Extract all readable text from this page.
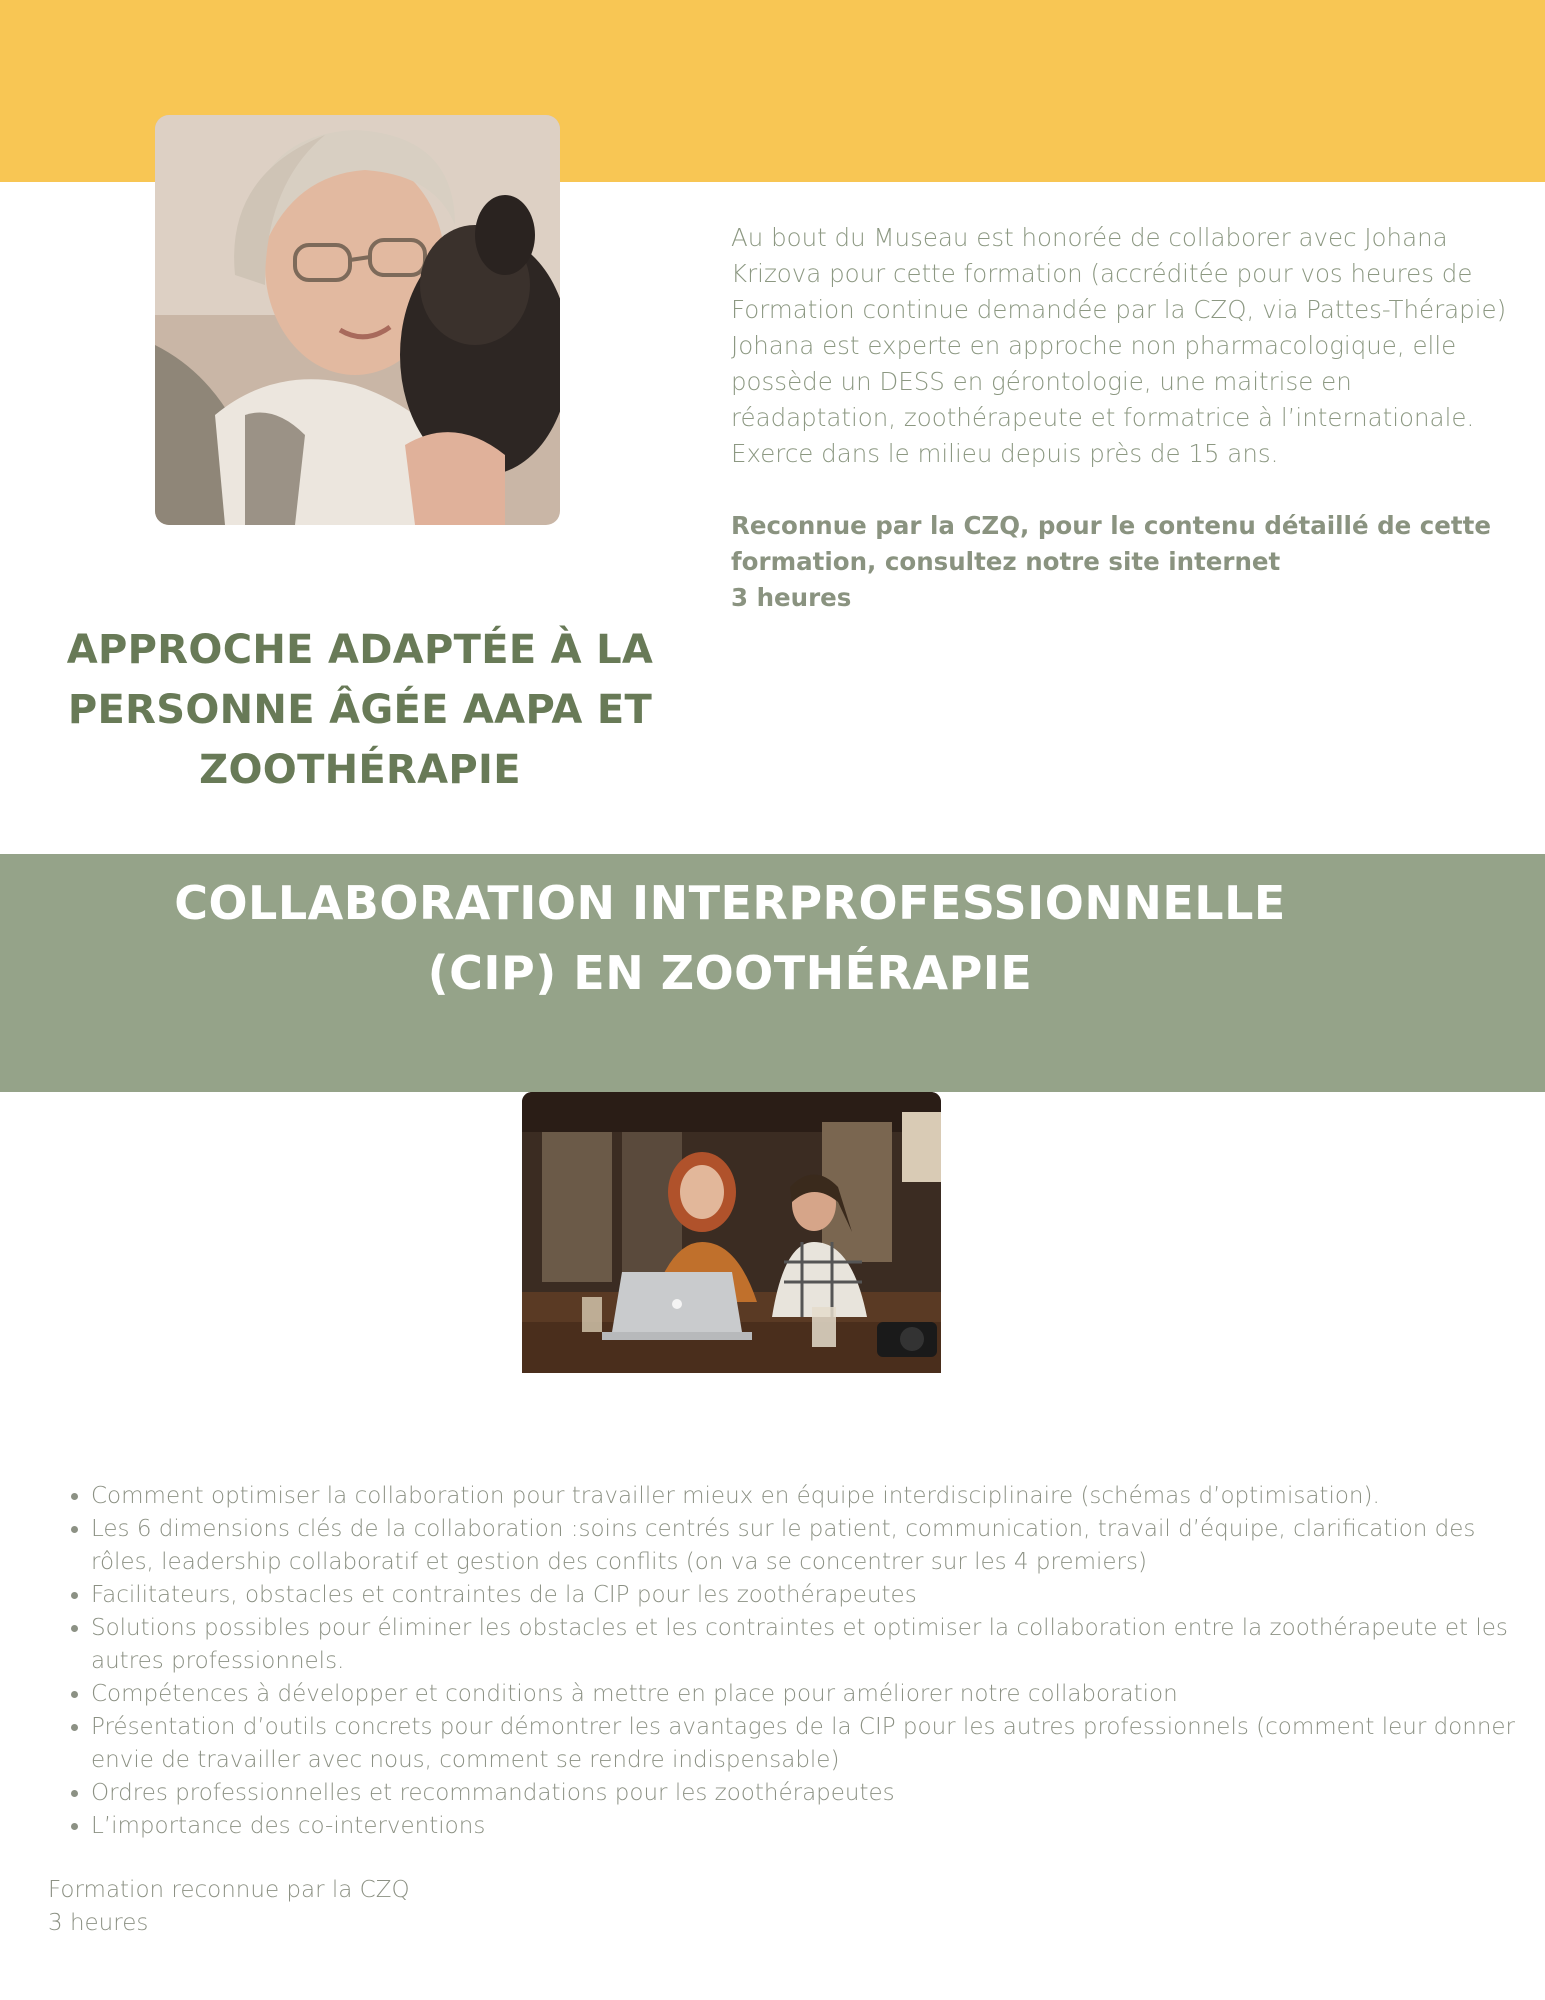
Au bout du Museau est honorée de collaborer avec Johana Krizova pour cette formation (accréditée pour vos heures de Formation continue demandée par la CZQ, via Pattes-Thérapie)

Johana est experte en approche non pharmacologique, elle possède un DESS en gérontologie, une maitrise en réadaptation, zoothérapeute et formatrice à l’internationale. Exerce dans le milieu depuis près de 15 ans.

Reconnue par la CZQ, pour le contenu détaillé de cette formation, consultez notre site internet

3 heures

APPROCHE ADAPTÉE À LA PERSONNE ÂGÉE AAPA ET ZOOTHÉRAPIE
COLLABORATION INTERPROFESSIONNELLE
(CIP) EN ZOOTHÉRAPIE
• Comment optimiser la collaboration pour travailler mieux en équipe interdisciplinaire (schémas d’optimisation).
• Les 6 dimensions clés de la collaboration :soins centrés sur le patient, communication, travail d’équipe, clarification des rôles, leadership collaboratif et gestion des conflits (on va se concentrer sur les 4 premiers)
• Facilitateurs, obstacles et contraintes de la CIP pour les zoothérapeutes
• Solutions possibles pour éliminer les obstacles et les contraintes et optimiser la collaboration entre la zoothérapeute et les autres professionnels.
• Compétences à développer et conditions à mettre en place pour améliorer notre collaboration
• Présentation d’outils concrets pour démontrer les avantages de la CIP pour les autres professionnels (comment leur donner envie de travailler avec nous, comment se rendre indispensable)
• Ordres professionnelles et recommandations pour les zoothérapeutes
• L’importance des co-interventions
Formation reconnue par la CZQ
3 heures
